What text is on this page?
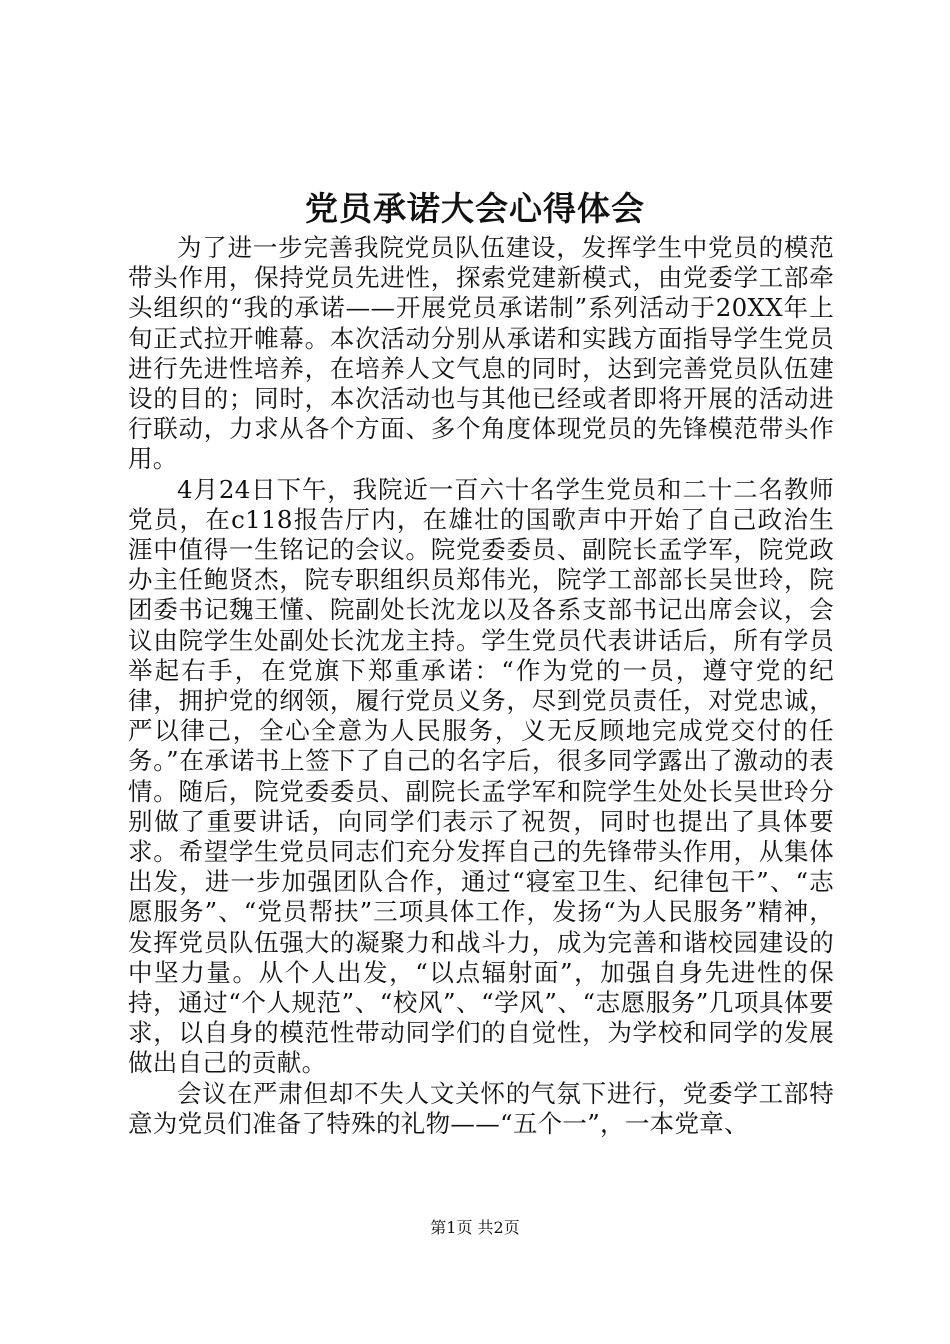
党员承诺大会心得体会

为了进一步完善我院党员队伍建设，发挥学生中党员的模范带头作用，保持党员先进性，探索党建新模式，由党委学工部牵头组织的“我的承诺——开展党员承诺制”系列活动于20XX年上旬正式拉开帷幕。本次活动分别从承诺和实践方面指导学生党员进行先进性培养，在培养人文气息的同时，达到完善党员队伍建设的目的；同时，本次活动也与其他已经或者即将开展的活动进行联动，力求从各个方面、多个角度体现党员的先锋模范带头作用。

4月24日下午，我院近一百六十名学生党员和二十二名教师党员，在c118报告厅内，在雄壮的国歌声中开始了自己政治生涯中值得一生铭记的会议。院党委委员、副院长孟学军，院党政办主任鲍贤杰，院专职组织员郑伟光，院学工部部长吴世玲，院团委书记魏王懂、院副处长沈龙以及各系支部书记出席会议，会议由院学生处副处长沈龙主持。学生党员代表讲话后，所有学员举起右手，在党旗下郑重承诺：“作为党的一员，遵守党的纪律，拥护党的纲领，履行党员义务，尽到党员责任，对党忠诚，严以律己，全心全意为人民服务，义无反顾地完成党交付的任务。”在承诺书上签下了自己的名字后，很多同学露出了激动的表情。随后，院党委委员、副院长孟学军和院学生处处长吴世玲分别做了重要讲话，向同学们表示了祝贺，同时也提出了具体要求。希望学生党员同志们充分发挥自己的先锋带头作用，从集体出发，进一步加强团队合作，通过“寝室卫生、纪律包干”、“志愿服务”、“党员帮扶”三项具体工作，发扬“为人民服务”精神，发挥党员队伍强大的凝聚力和战斗力，成为完善和谐校园建设的中坚力量。从个人出发，“以点辐射面”，加强自身先进性的保持，通过“个人规范”、“校风”、“学风”、“志愿服务”几项具体要求，以自身的模范性带动同学们的自觉性，为学校和同学的发展做出自己的贡献。

会议在严肃但却不失人文关怀的气氛下进行，党委学工部特意为党员们准备了特殊的礼物——“五个一”，一本党章、

第1页 共2页
